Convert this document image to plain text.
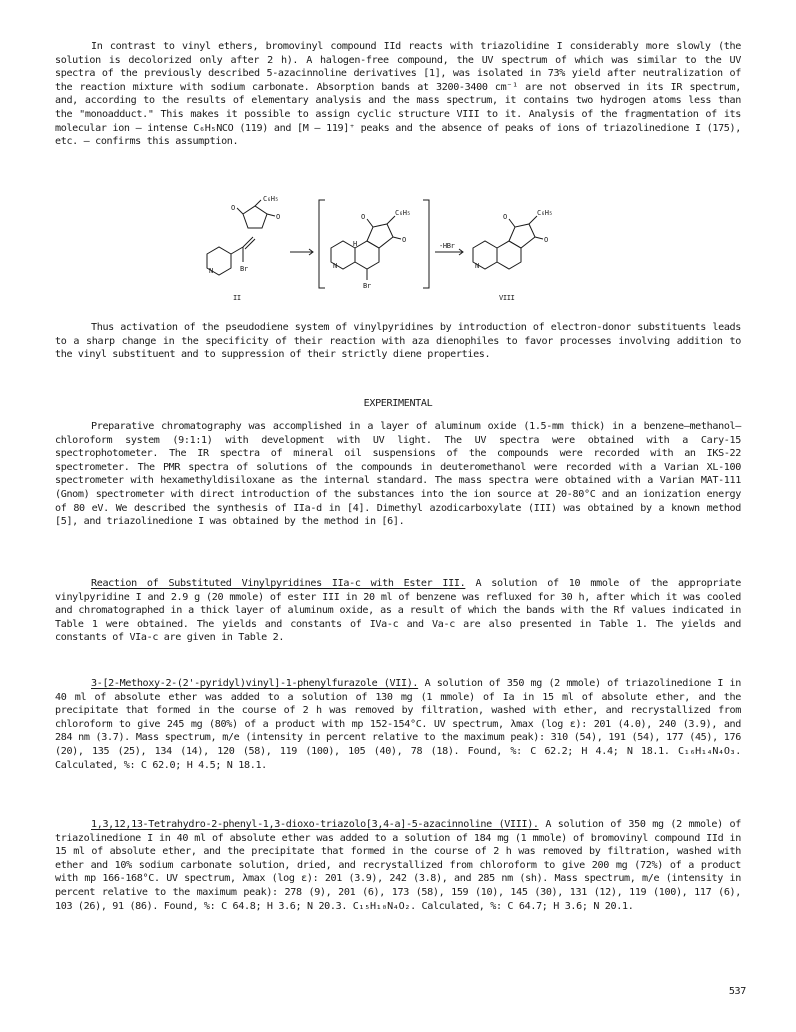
In contrast to vinyl ethers, bromovinyl compound IId reacts with triazolidine I considerably more slowly (the solution is decolorized only after 2 h). A halogen-free compound, the UV spectrum of which was similar to the UV spectra of the previously described 5-azacinnoline derivatives [1], was isolated in 73% yield after neutralization of the reaction mixture with sodium carbonate. Absorption bands at 3200-3400 cm⁻¹ are not observed in its IR spectrum, and, according to the results of elementary analysis and the mass spectrum, it contains two hydrogen atoms less than the "monoadduct." This makes it possible to assign cyclic structure VIII to it. Analysis of the fragmentation of its molecular ion — intense C₆H₅NCO (119) and [M — 119]⁺ peaks and the absence of peaks of ions of triazolinedione I (175), etc. — confirms this assumption.

C₆H₅
O
O
N	Br
II
C₆H₅
O
O
H
N
Br
-HBr
C₆H₅
O
O
N
VIII

Thus activation of the pseudodiene system of vinylpyridines by introduction of electron-donor substituents leads to a sharp change in the specificity of their reaction with aza dienophiles to favor processes involving addition to the vinyl substituent and to suppression of their strictly diene properties.

EXPERIMENTAL

Preparative chromatography was accomplished in a layer of aluminum oxide (1.5-mm thick) in a benzene—methanol—chloroform system (9:1:1) with development with UV light. The UV spectra were obtained with a Cary-15 spectrophotometer. The IR spectra of mineral oil suspensions of the compounds were recorded with an IKS-22 spectrometer. The PMR spectra of solutions of the compounds in deuteromethanol were recorded with a Varian XL-100 spectrometer with hexamethyldisiloxane as the internal standard. The mass spectra were obtained with a Varian MAT-111 (Gnom) spectrometer with direct introduction of the substances into the ion source at 20-80°C and an ionization energy of 80 eV. We described the synthesis of IIa-d in [4]. Dimethyl azodicarboxylate (III) was obtained by a known method [5], and triazolinedione I was obtained by the method in [6].

Reaction of Substituted Vinylpyridines IIa-c with Ester III. A solution of 10 mmole of the appropriate vinylpyridine I and 2.9 g (20 mmole) of ester III in 20 ml of benzene was refluxed for 30 h, after which it was cooled and chromatographed in a thick layer of aluminum oxide, as a result of which the bands with the Rf values indicated in Table 1 were obtained. The yields and constants of IVa-c and Va-c are also presented in Table 1. The yields and constants of VIa-c are given in Table 2.

3-[2-Methoxy-2-(2'-pyridyl)vinyl]-1-phenylfurazole (VII). A solution of 350 mg (2 mmole) of triazolinedione I in 40 ml of absolute ether was added to a solution of 130 mg (1 mmole) of Ia in 15 ml of absolute ether, and the precipitate that formed in the course of 2 h was removed by filtration, washed with ether, and recrystallized from chloroform to give 245 mg (80%) of a product with mp 152-154°C. UV spectrum, λmax (log ε): 201 (4.0), 240 (3.9), and 284 nm (3.7). Mass spectrum, m/e (intensity in percent relative to the maximum peak): 310 (54), 191 (54), 177 (45), 176 (20), 135 (25), 134 (14), 120 (58), 119 (100), 105 (40), 78 (18). Found, %: C 62.2; H 4.4; N 18.1. C₁₆H₁₄N₄O₃. Calculated, %: C 62.0; H 4.5; N 18.1.

1,3,12,13-Tetrahydro-2-phenyl-1,3-dioxo-triazolo[3,4-a]-5-azacinnoline (VIII). A solution of 350 mg (2 mmole) of triazolinedione I in 40 ml of absolute ether was added to a solution of 184 mg (1 mmole) of bromovinyl compound IId in 15 ml of absolute ether, and the precipitate that formed in the course of 2 h was removed by filtration, washed with ether and 10% sodium carbonate solution, dried, and recrystallized from chloroform to give 200 mg (72%) of a product with mp 166-168°C. UV spectrum, λmax (log ε): 201 (3.9), 242 (3.8), and 285 nm (sh). Mass spectrum, m/e (intensity in percent relative to the maximum peak): 278 (9), 201 (6), 173 (58), 159 (10), 145 (30), 131 (12), 119 (100), 117 (6), 103 (26), 91 (86). Found, %: C 64.8; H 3.6; N 20.3. C₁₅H₁₀N₄O₂. Calculated, %: C 64.7; H 3.6; N 20.1.

537
